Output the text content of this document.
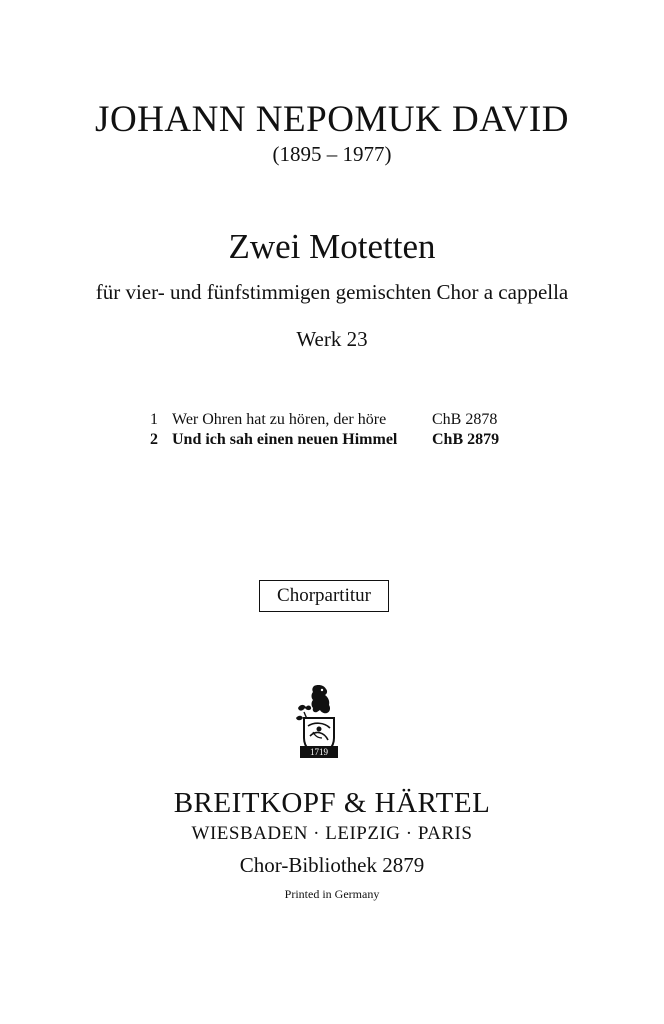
JOHANN NEPOMUK DAVID
(1895 – 1977)
Zwei Motetten
für vier- und fünfstimmigen gemischten Chor a cappella
Werk 23
1 Wer Ohren hat zu hören, der höre	ChB 2878
2 Und ich sah einen neuen Himmel ChB 2879
Chorpartitur
1719
BREITKOPF & HÄRTEL
WIESBADEN · LEIPZIG · PARIS
Chor-Bibliothek 2879
Printed in Germany
